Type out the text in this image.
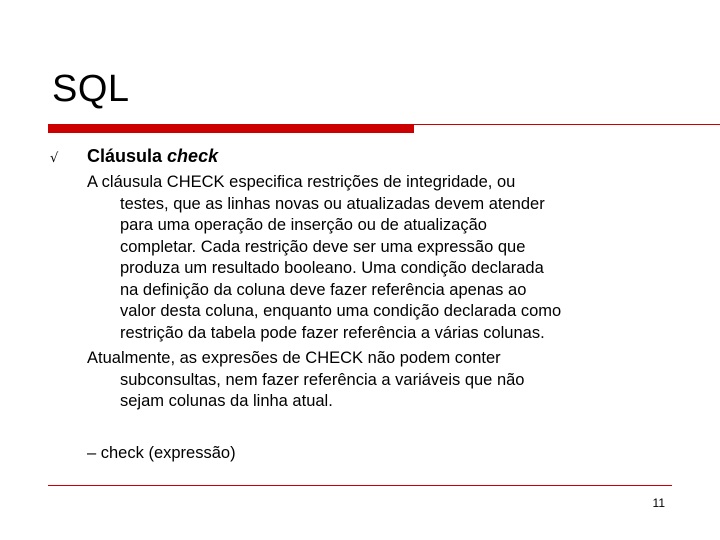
SQL
√ Cláusula check
A cláusula CHECK especifica restrições de integridade, ou
testes, que as linhas novas ou atualizadas devem atender
para uma operação de inserção ou de atualização
completar. Cada restrição deve ser uma expressão que
produza um resultado booleano. Uma condição declarada
na definição da coluna deve fazer referência apenas ao
valor desta coluna, enquanto uma condição declarada como
restrição da tabela pode fazer referência a várias colunas.
Atualmente, as expresões de CHECK não podem conter
subconsultas, nem fazer referência a variáveis que não
sejam colunas da linha atual.
– check (expressão)
11
